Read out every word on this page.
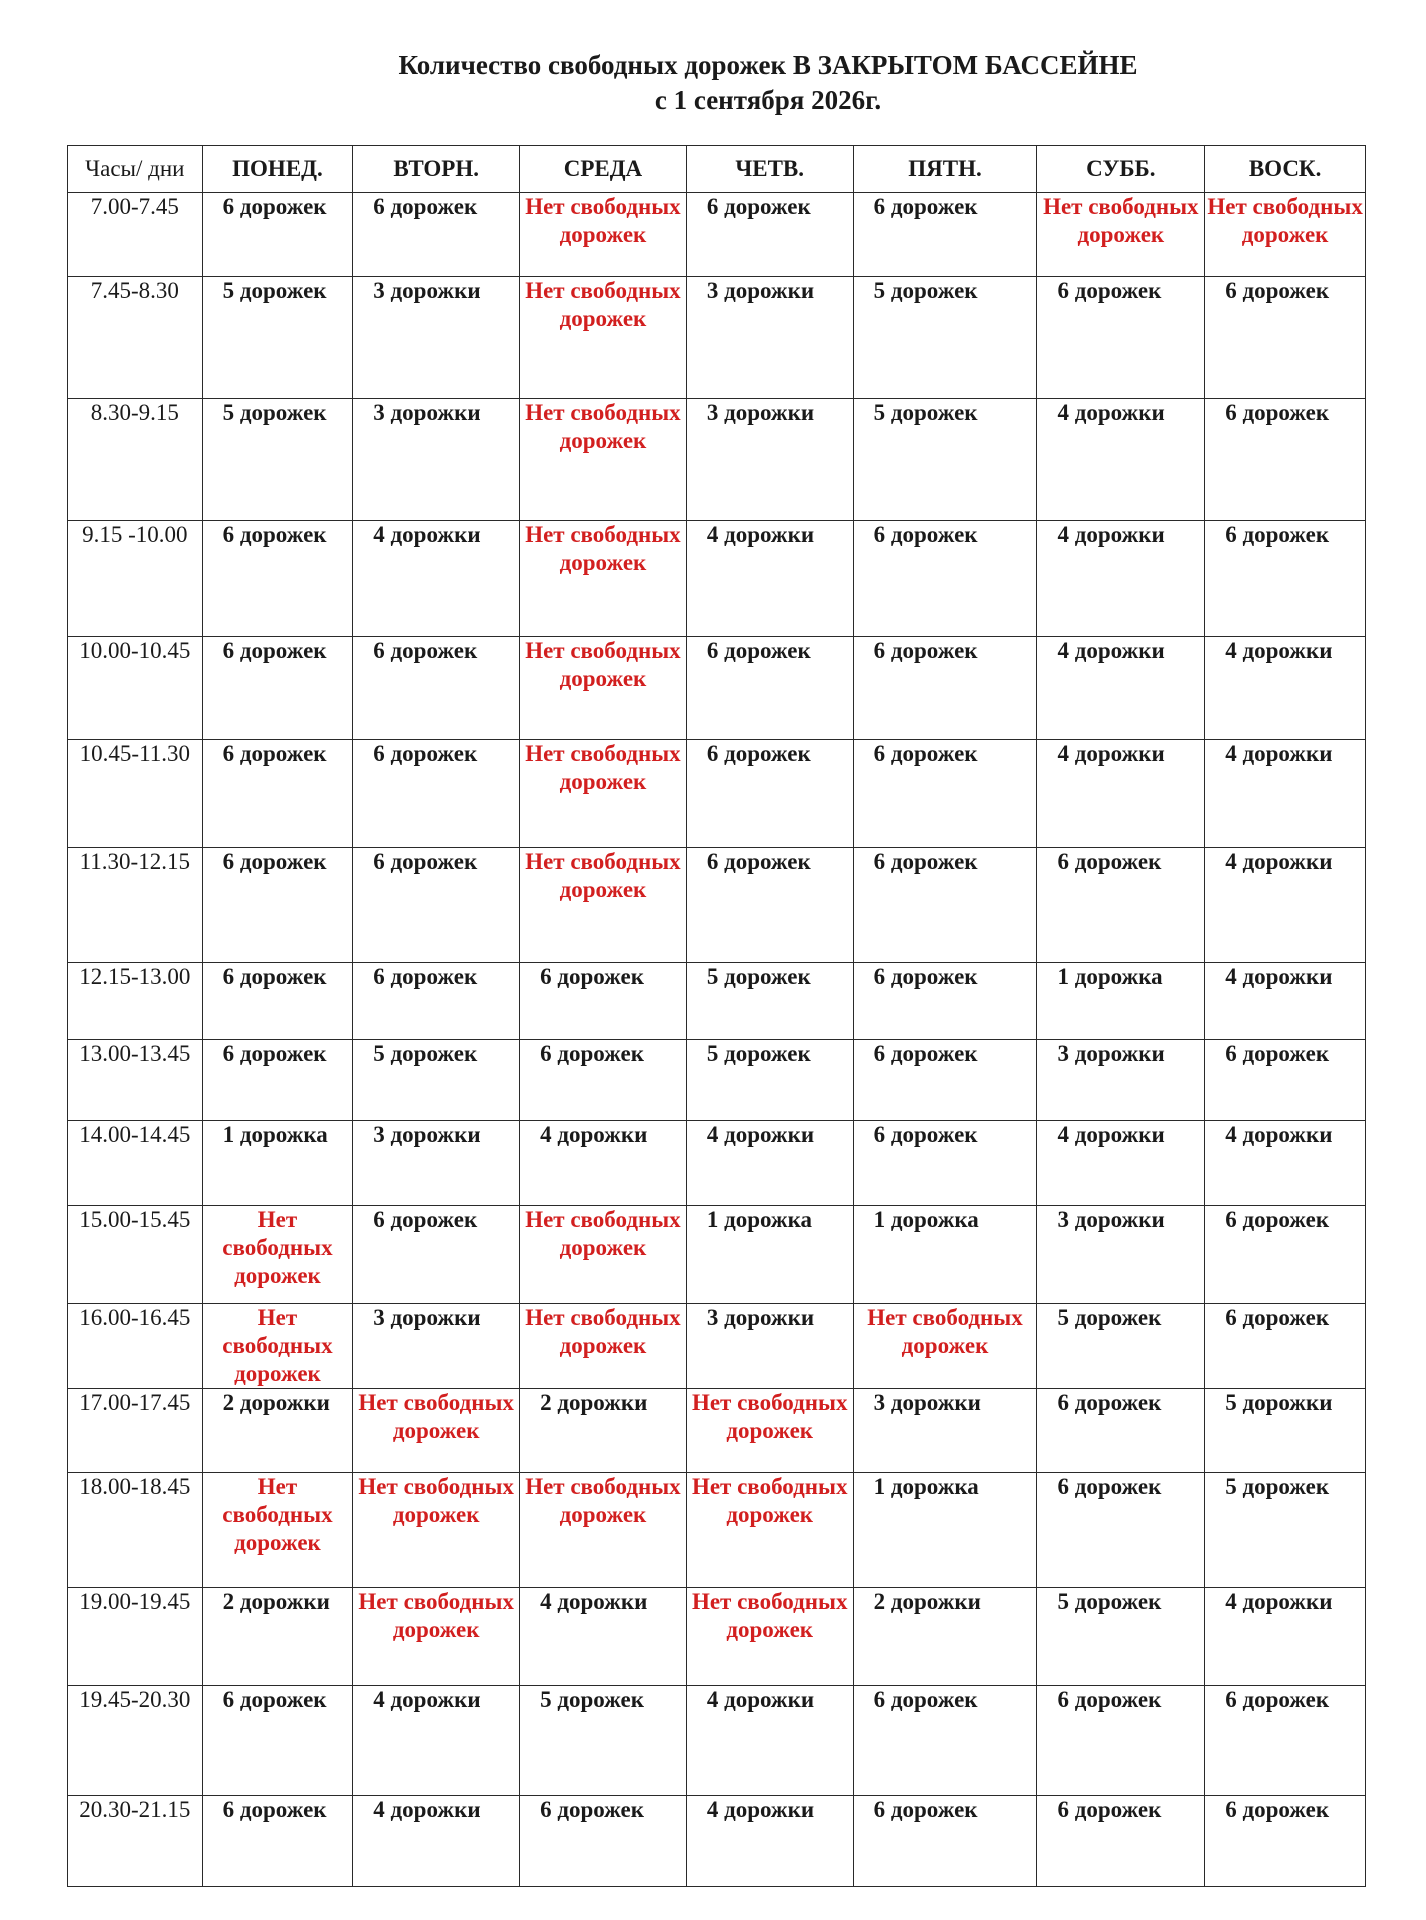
Количество свободных дорожек В ЗАКРЫТОМ БАССЕЙНЕ
с 1 сентября 2026г.
Часы/ дни	ПОНЕД.	ВТОРН.	СРЕДА	ЧЕТВ.	ПЯТН.	СУББ.	ВОСК.
7.00-7.45	6 дорожек	6 дорожек	Нет свободных дорожек	6 дорожек	6 дорожек	Нет свободных дорожек	Нет свободных дорожек
7.45-8.30	5 дорожек	3 дорожки	Нет свободных дорожек	3 дорожки	5 дорожек	6 дорожек	6 дорожек
8.30-9.15	5 дорожек	3 дорожки	Нет свободных дорожек	3 дорожки	5 дорожек	4 дорожки	6 дорожек
9.15 -10.00	6 дорожек	4 дорожки	Нет свободных дорожек	4 дорожки	6 дорожек	4 дорожки	6 дорожек
10.00-10.45	6 дорожек	6 дорожек	Нет свободных дорожек	6 дорожек	6 дорожек	4 дорожки	4 дорожки
10.45-11.30	6 дорожек	6 дорожек	Нет свободных дорожек	6 дорожек	6 дорожек	4 дорожки	4 дорожки
11.30-12.15	6 дорожек	6 дорожек	Нет свободных дорожек	6 дорожек	6 дорожек	6 дорожек	4 дорожки
12.15-13.00	6 дорожек	6 дорожек	6 дорожек	5 дорожек	6 дорожек	1 дорожка	4 дорожки
13.00-13.45	6 дорожек	5 дорожек	6 дорожек	5 дорожек	6 дорожек	3 дорожки	6 дорожек
14.00-14.45	1 дорожка	3 дорожки	4 дорожки	4 дорожки	6 дорожек	4 дорожки	4 дорожки
15.00-15.45	Нет свободных дорожек	6 дорожек	Нет свободных дорожек	1 дорожка	1 дорожка	3 дорожки	6 дорожек
16.00-16.45	Нет свободных дорожек	3 дорожки	Нет свободных дорожек	3 дорожки	Нет свободных дорожек	5 дорожек	6 дорожек
17.00-17.45	2 дорожки	Нет свободных дорожек	2 дорожки	Нет свободных дорожек	3 дорожки	6 дорожек	5 дорожки
18.00-18.45	Нет свободных дорожек	Нет свободных дорожек	Нет свободных дорожек	Нет свободных дорожек	1 дорожка	6 дорожек	5 дорожек
19.00-19.45	2 дорожки	Нет свободных дорожек	4 дорожки	Нет свободных дорожек	2 дорожки	5 дорожек	4 дорожки
19.45-20.30	6 дорожек	4 дорожки	5 дорожек	4 дорожки	6 дорожек	6 дорожек	6 дорожек
20.30-21.15	6 дорожек	4 дорожки	6 дорожек	4 дорожки	6 дорожек	6 дорожек	6 дорожек
